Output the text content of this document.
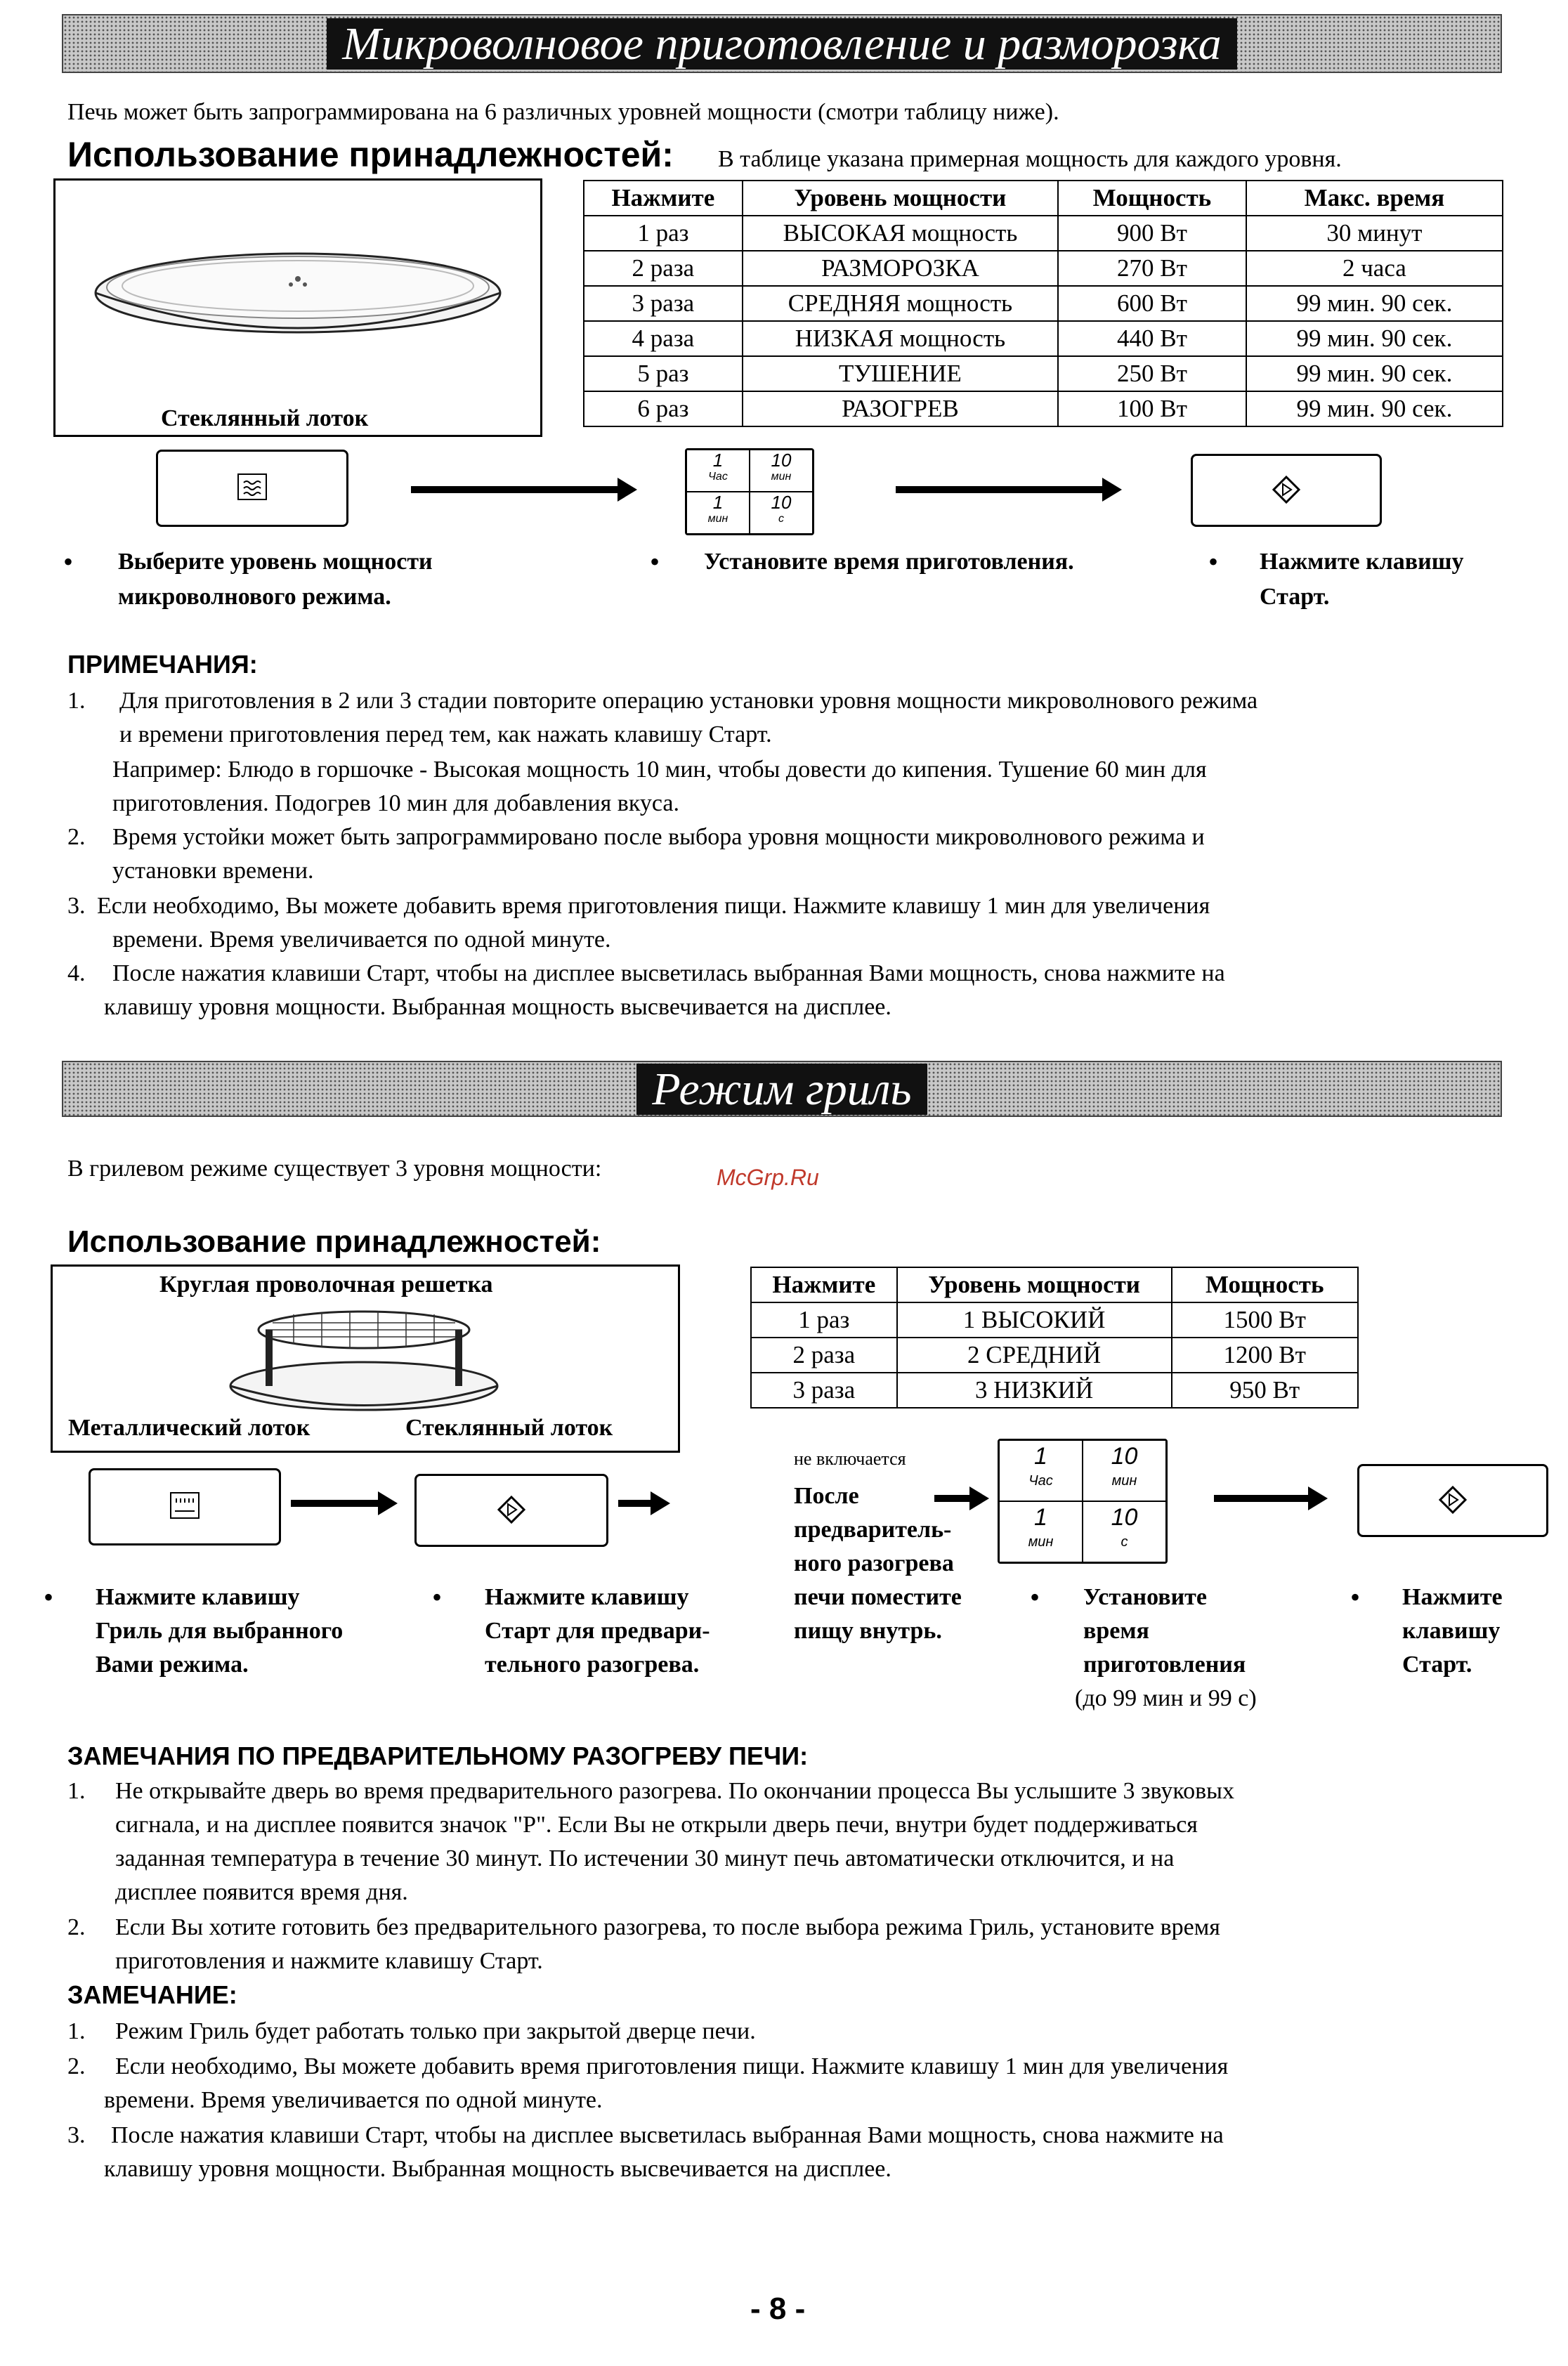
Микроволновое приготовление и разморозка
Печь может быть запрограммирована на 6 различных уровней мощности (смотри таблицу ниже).
Использование принадлежностей: В таблице указана примерная мощность для каждого уровня.
Стеклянный лоток
Нажмите	Уровень мощности	Мощность	Макс. время
1 раз	ВЫСОКАЯ мощность	900 Вт	30 минут
2 раза	РАЗМОРОЗКА	270 Вт	2 часа
3 раза	СРЕДНЯЯ мощность	600 Вт	99 мин. 90 сек.
4 раза	НИЗКАЯ мощность	440 Вт	99 мин. 90 сек.
5 раз	ТУШЕНИЕ	250 Вт	99 мин. 90 сек.
6 раз	РАЗОГРЕВ	100 Вт	99 мин. 90 сек.
1
Час
10
мин
1
мин
10
с
• Выберите уровень мощности
микроволнового режима.
• Установите время приготовления.	• Нажмите клавишу
Старт.
ПРИМЕЧАНИЯ:
1. Для приготовления в 2 или 3 стадии повторите операцию установки уровня мощности микроволнового режима
и времени приготовления перед тем, как нажать клавишу Старт.
Например: Блюдо в горшочке - Высокая мощность 10 мин, чтобы довести до кипения. Тушение 60 мин для
приготовления. Подогрев 10 мин для добавления вкуса.
2. Время устойки может быть запрограммировано после выбора уровня мощности микроволнового режима и
установки времени.
3. Если необходимо, Вы можете добавить время приготовления пищи. Нажмите клавишу 1 мин для увеличения
времени. Время увеличивается по одной минуте.
4. После нажатия клавиши Старт, чтобы на дисплее высветилась выбранная Вами мощность, снова нажмите на
клавишу уровня мощности. Выбранная мощность высвечивается на дисплее.
Режим гриль
В грилевом режиме существует 3 уровня мощности:	McGrp.Ru
Использование принадлежностей:
Круглая проволочная решетка
Металлический лоток	Стеклянный лоток
Нажмите	Уровень мощности	Мощность
1 раз	1 ВЫСОКИЙ	1500 Вт
2 раза	2 СРЕДНИЙ	1200 Вт
3 раза	3 НИЗКИЙ	950 Вт
не включается
После
предваритель-
ного разогрева
печи поместите
пищу внутрь.
1
Час
10
мин
1
мин
10
с
• Нажмите клавишу
Гриль для выбранного
Вами режима.
• Нажмите клавишу
Старт для предвари-
тельного разогрева.
• Установите
время
приготовления
(до 99 мин и 99 с)
• Нажмите
клавишу
Старт.
ЗАМЕЧАНИЯ ПО ПРЕДВАРИТЕЛЬНОМУ РАЗОГРЕВУ ПЕЧИ:
1. Не открывайте дверь во время предварительного разогрева. По окончании процесса Вы услышите 3 звуковых
сигнала, и на дисплее появится значок "P". Если Вы не открыли дверь печи, внутри будет поддерживаться
заданная температура в течение 30 минут. По истечении 30 минут печь автоматически отключится, и на
дисплее появится время дня.
2. Если Вы хотите готовить без предварительного разогрева, то после выбора режима Гриль, установите время
приготовления и нажмите клавишу Старт.
ЗАМЕЧАНИЕ:
1. Режим Гриль будет работать только при закрытой дверце печи.
2. Если необходимо, Вы можете добавить время приготовления пищи. Нажмите клавишу 1 мин для увеличения
времени. Время увеличивается по одной минуте.
3. После нажатия клавиши Старт, чтобы на дисплее высветилась выбранная Вами мощность, снова нажмите на
клавишу уровня мощности. Выбранная мощность высвечивается на дисплее.
- 8 -
